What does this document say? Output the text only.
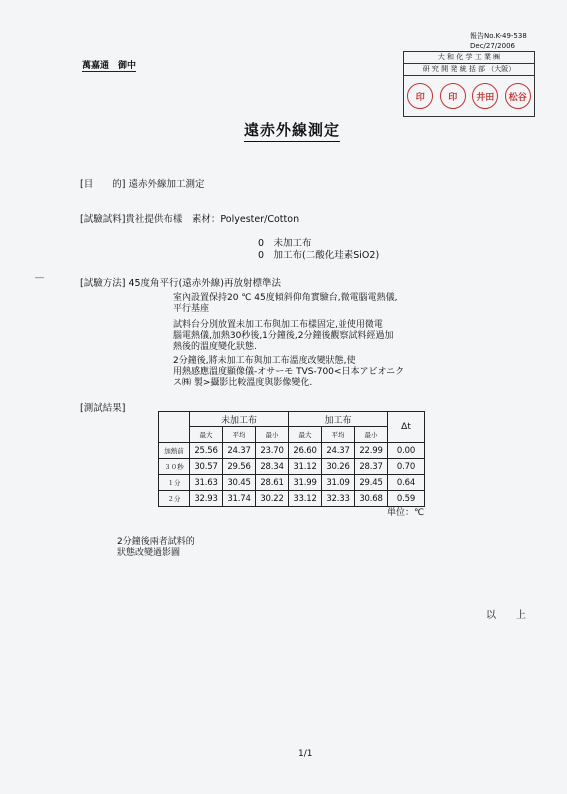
報告No.K-49-538
Dec/27/2006
萬嘉通　御中
大 和 化 学 工 業 ㈱
研 究 開 発 統 括 部 （大阪）
印	印	井田	松谷
遠赤外線測定
[目　　的] 遠赤外線加工測定
[試驗試料]貴社提供布樣　素材：Polyester/Cotton
0　未加工布
0　加工布(二酸化珪素SiO2)
―	[試驗方法] 45度角平行(遠赤外線)再放射標準法
室內設置保持20 ℃ 45度傾斜仰角實驗台,微電腦電熱儀,
平行基座
試料台分別放置未加工布與加工布樣固定,並使用微電
腦電熱儀,加熱30秒後,1分鐘後,2分鐘後觀察試料經過加
熱後的溫度變化狀態.
2分鐘後,將未加工布與加工布溫度改變狀態,使
用熱感應溫度顯像儀-オサーモ TVS-700<日本アビオニク
ス㈱ 製>攝影比較溫度與影像變化.
[測試結果]
	未加工布			加工布			Δt
	最大	平均	最小	最大	平均	最小	
加熱前	25.56	24.37	23.70	26.60	24.37	22.99	0.00
３０秒	30.57	29.56	28.34	31.12	30.26	28.37	0.70
１分	31.63	30.45	28.61	31.99	31.09	29.45	0.64
２分	32.93	31.74	30.22	33.12	32.33	30.68	0.59
単位：℃
2分鐘後兩者試料的
狀態改變過影圖
以　　上
1/1
